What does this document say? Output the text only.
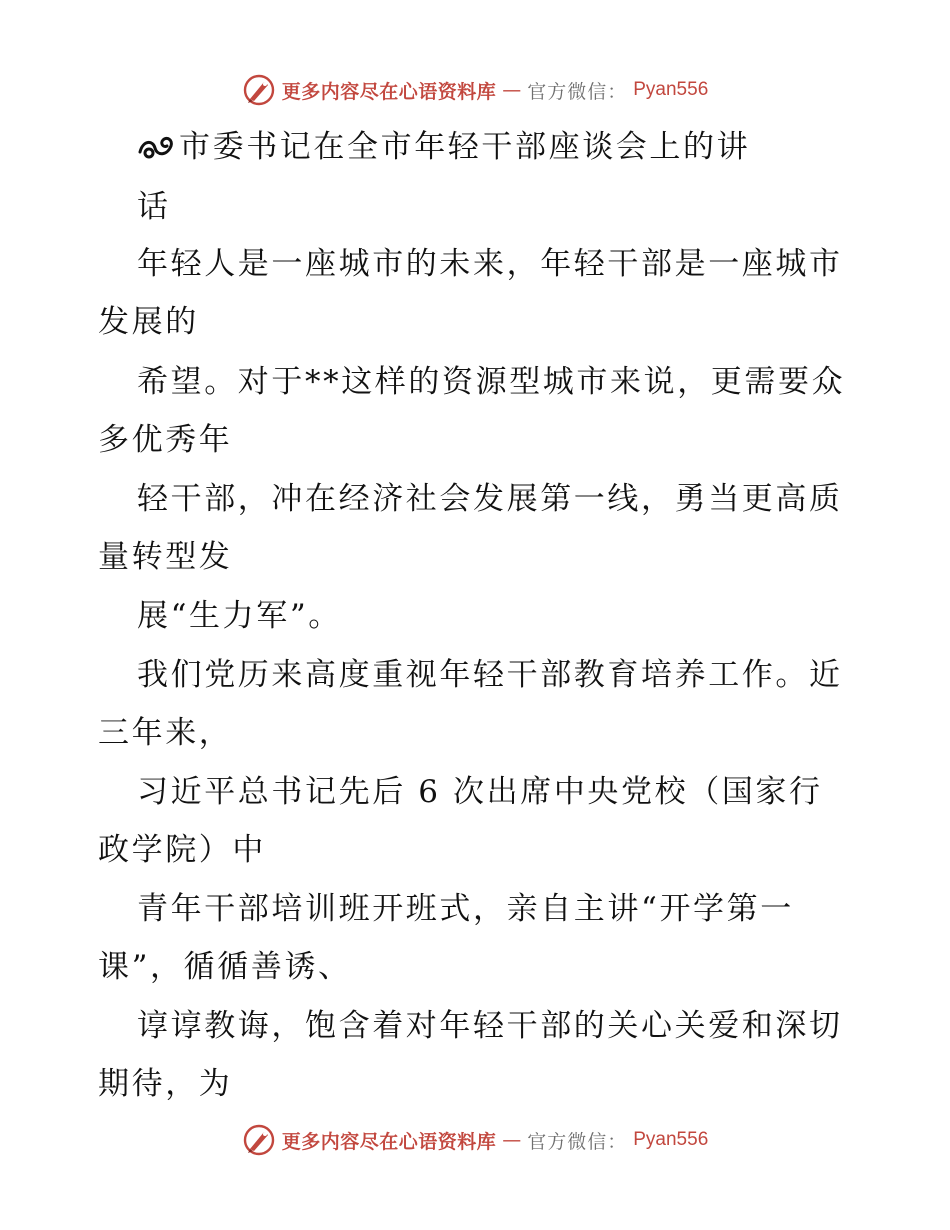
更多内容尽在心语资料库 — 官方微信： Pyan556
市委书记在全市年轻干部座谈会上的讲
话
年轻人是一座城市的未来，年轻干部是一座城市
发展的
希望。对于**这样的资源型城市来说，更需要众
多优秀年
轻干部，冲在经济社会发展第一线，勇当更高质
量转型发
展“生力军”。
我们党历来高度重视年轻干部教育培养工作。近
三年来，
习近平总书记先后 6 次出席中央党校（国家行
政学院）中
青年干部培训班开班式，亲自主讲“开学第一
课”，循循善诱、
谆谆教诲，饱含着对年轻干部的关心关爱和深切
期待，为
更多内容尽在心语资料库 — 官方微信： Pyan556
